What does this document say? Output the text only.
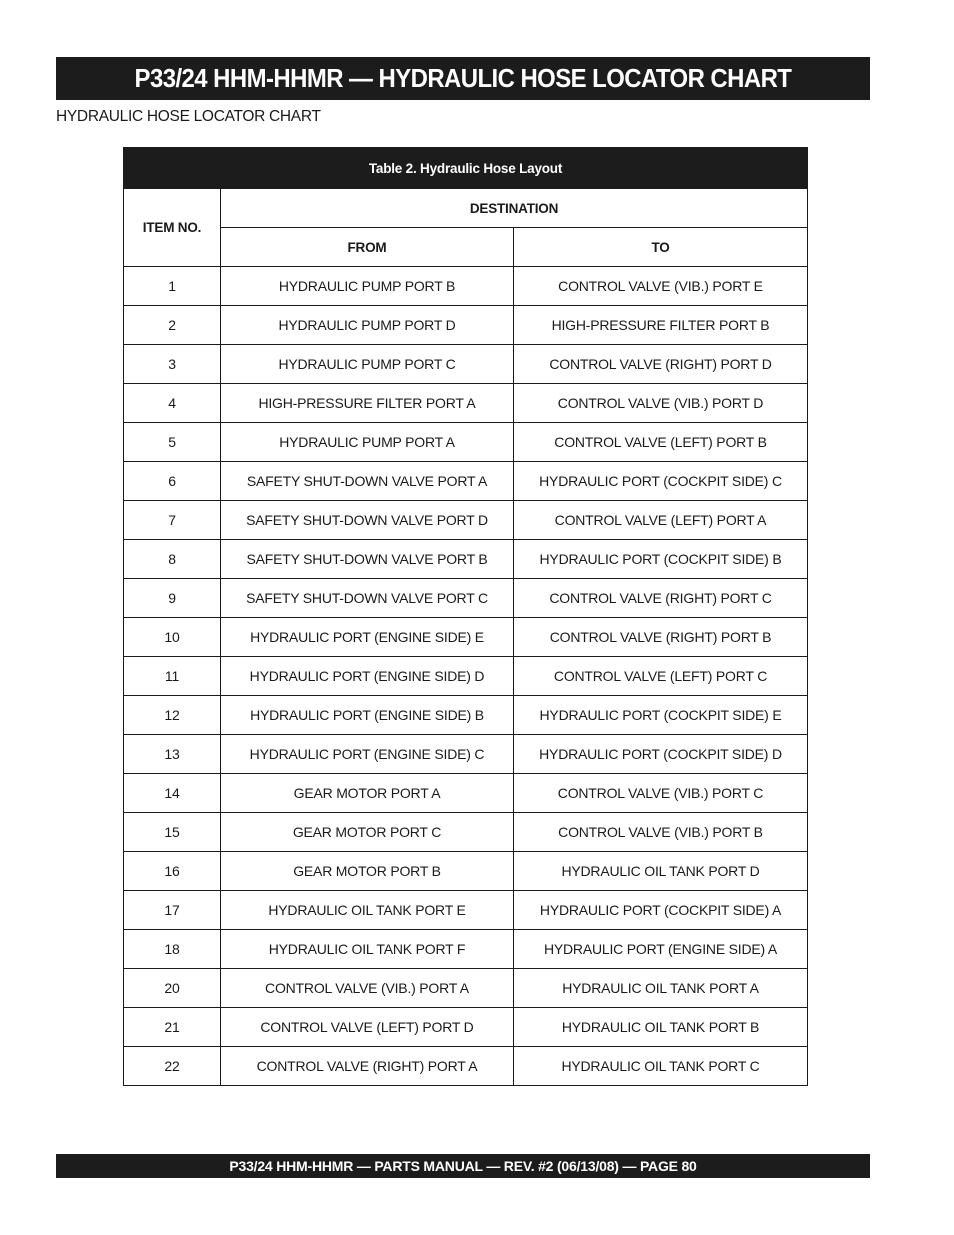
P33/24 HHM-HHMR — HYDRAULIC HOSE LOCATOR CHART
HYDRAULIC HOSE LOCATOR CHART
Table 2. Hydraulic Hose Layout		
ITEM NO.	DESTINATION	
	FROM	TO
1	HYDRAULIC PUMP PORT B	CONTROL VALVE (VIB.) PORT E
2	HYDRAULIC PUMP PORT D	HIGH-PRESSURE FILTER PORT B
3	HYDRAULIC PUMP PORT C	CONTROL VALVE (RIGHT) PORT D
4	HIGH-PRESSURE FILTER PORT A	CONTROL VALVE (VIB.) PORT D
5	HYDRAULIC PUMP PORT A	CONTROL VALVE (LEFT) PORT B
6	SAFETY SHUT-DOWN VALVE PORT A	HYDRAULIC PORT (COCKPIT SIDE) C
7	SAFETY SHUT-DOWN VALVE PORT D	CONTROL VALVE (LEFT) PORT A
8	SAFETY SHUT-DOWN VALVE PORT B	HYDRAULIC PORT (COCKPIT SIDE) B
9	SAFETY SHUT-DOWN VALVE PORT C	CONTROL VALVE (RIGHT) PORT C
10	HYDRAULIC PORT (ENGINE SIDE) E	CONTROL VALVE (RIGHT) PORT B
11	HYDRAULIC PORT (ENGINE SIDE) D	CONTROL VALVE (LEFT) PORT C
12	HYDRAULIC PORT (ENGINE SIDE) B	HYDRAULIC PORT (COCKPIT SIDE) E
13	HYDRAULIC PORT (ENGINE SIDE) C	HYDRAULIC PORT (COCKPIT SIDE) D
14	GEAR MOTOR PORT A	CONTROL VALVE (VIB.) PORT C
15	GEAR MOTOR PORT C	CONTROL VALVE (VIB.) PORT B
16	GEAR MOTOR PORT B	HYDRAULIC OIL TANK PORT D
17	HYDRAULIC OIL TANK PORT E	HYDRAULIC PORT (COCKPIT SIDE) A
18	HYDRAULIC OIL TANK PORT F	HYDRAULIC PORT (ENGINE SIDE) A
20	CONTROL VALVE (VIB.) PORT A	HYDRAULIC OIL TANK PORT A
21	CONTROL VALVE (LEFT) PORT D	HYDRAULIC OIL TANK PORT B
22	CONTROL VALVE (RIGHT) PORT A	HYDRAULIC OIL TANK PORT C
P33/24 HHM-HHMR — PARTS MANUAL — REV. #2 (06/13/08) — PAGE 80
